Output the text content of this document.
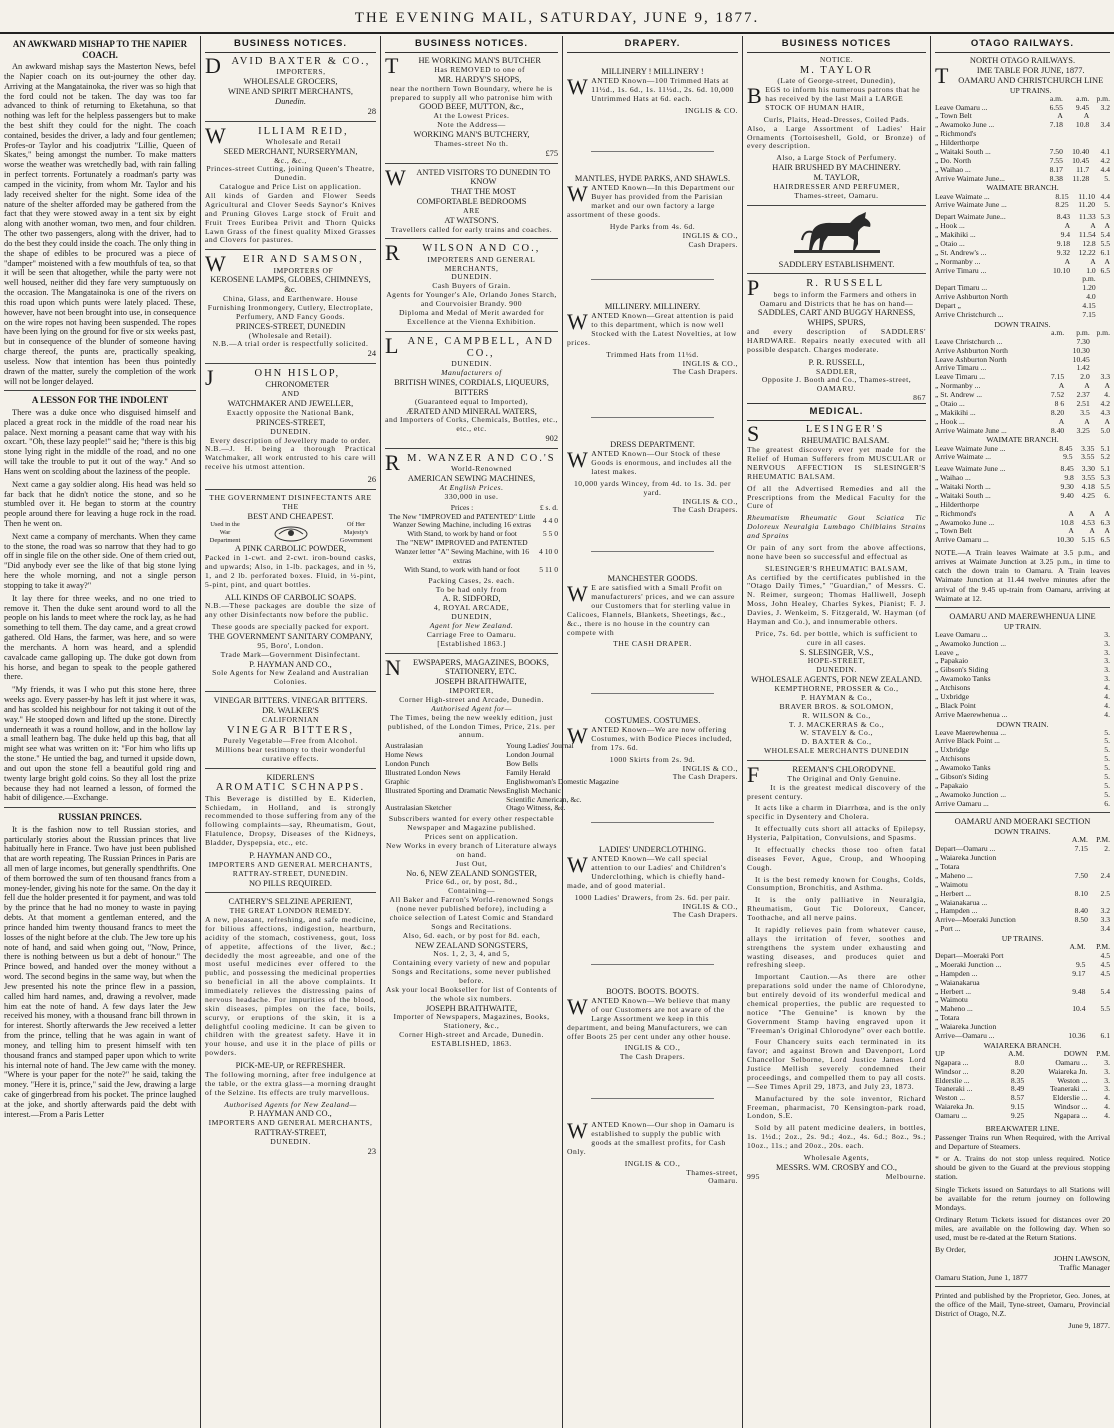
THE EVENING MAIL, SATURDAY, JUNE 9, 1877.
AN AWKWARD MISHAP TO THE NAPIER COACH.

An awkward mishap says the Masterton News, befel the Napier coach on its out-journey the other day. Arriving at the Mangatainoka, the river was so high that the ford could not be taken. The day was too far advanced to think of returning to Eketahuna, so that nothing was left for the helpless passengers but to make the best shift they could for the night. The coach contained, besides the driver, a lady and four gentlemen; Profes-or Taylor and his coadjutrix "Lillie, Queen of Skates," being amongst the number. To make matters worse the weather was wretchedly bad, with rain falling in perfect torrents. Fortunately a roadman's party was camped in the vicinity, from whom Mr. Taylor and his lady received shelter for the night. Some idea of the nature of the shelter afforded may be gathered from the fact that they were stowed away in a tent six by eight along with another woman, two men, and four children. The other two passengers, along with the driver, had to do the best they could inside the coach. The only thing in the shape of edibles to be procured was a piece of "damper" moistened with a few mouthfuls of tea, so that it will be seen that altogether, while the party were not well housed, neither did they fare very sumptuously on the occasion. The Mangatainoka is one of the rivers on this road upon which punts were lately placed. These, however, have not been brought into use, in consequence on the wire ropes not having been suspended. The ropes have been lying on the ground for five or six weeks past, but in consequence of the blunder of someone having charge thereof, the punts are, practically speaking, useless. Now that intention has been thus pointedly drawn of the matter, surely the completion of the work will not be longer delayed.

A LESSON FOR THE INDOLENT

There was a duke once who disguised himself and placed a great rock in the middle of the road near his palace. Next morning a peasant came that way with his oxcart. "Oh, these lazy people!" said he; "there is this big stone lying right in the middle of the road, and no one will take the trouble to put it out of the way." And so Hans went on scolding about the laziness of the people.

Next came a gay soldier along. His head was held so far back that he didn't notice the stone, and so he stumbled over it. He began to storm at the country people around there for leaving a huge rock in the road. Then he went on.

Next came a company of merchants. When they came to the stone, the road was so narrow that they had to go off in single file on the other side. One of them cried out, "Did anybody ever see the like of that big stone lying here the whole morning, and not a single person stopping to take it away?"

It lay there for three weeks, and no one tried to remove it. Then the duke sent around word to all the people on his lands to meet where the rock lay, as he had something to tell them. The day came, and a great crowd gathered. Old Hans, the farmer, was here, and so were the merchants. A horn was heard, and a splendid cavalcade came galloping up. The duke got down from his horse, and began to speak to the people gathered there.

"My friends, it was I who put this stone here, three weeks ago. Every passer-by has left it just where it was, and has scolded his neighbour for not taking it out of the way." He stooped down and lifted up the stone. Directly underneath it was a round hollow, and in the hollow lay a small leathern bag. The duke held up this bag, that all might see what was written on it: "For him who lifts up the stone." He untied the bag, and turned it upside down, and out upon the stone fell a beautiful gold ring and twenty large bright gold coins. So they all lost the prize because they had not learned a lesson, of formed the habit of diligence.—Exchange.

RUSSIAN PRINCES.

It is the fashion now to tell Russian stories, and particularly stories about the Russian princes that live habitually here in France. Two have just been published that are worth repeating. The Russian Princes in Paris are all men of large incomes, but generally spendthrifts. One of them borrowed the sum of ten thousand francs from a money-lender, giving his note for the same. On the day it fell due the holder presented it for payment, and was told by the prince that he had no money to waste in paying debts. At that moment a gentleman entered, and the prince handed him twenty thousand francs to meet the losses of the night before at the club. The Jew tore up his note of hand, and said when going out, "Now, Prince, there is nothing between us but a debt of honour." The Prince bowed, and handed over the money without a word. The second begins in the same way, but when the Jew presented his note the prince flew in a passion, called him hard names, and, drawing a revolver, made him eat the note of hand. A few days later the Jew received his money, with a thousand franc bill thrown in for interest. Shortly afterwards the Jew received a letter from the prince, telling that he was again in want of money, and telling him to present himself with ten thousand francs and stamped paper upon which to write his internal note of hand. The Jew came with the money. "Where is your paper for the note?" he said, taking the money. "Here it is, prince," said the Jew, drawing a large cake of gingerbread from his pocket. The prince laughed at the joke, and shortly afterwards paid the debt with interest.—From a Paris Letter

BUSINESS NOTICES.
DAVID BAXTER & CO.,
IMPORTERS,
WHOLESALE GROCERS,
WINE AND SPIRIT MERCHANTS,
Dunedin.
28
W	ILLIAM REID,
Wholesale and Retail
SEED MERCHANT, NURSERYMAN,
&c., &c.,
Princes-street Cutting, joining Queen's Theatre, Dunedin.
Catalogue and Price List on application.

All kinds of Garden and Flower Seeds Agricultural and Clover Seeds Saynor's Knives and Pruning Gloves Large stock of Fruit and Fruit Trees Euribea Privit and Thorn Quicks Lawn Grass of the finest quality Mixed Grasses and Clovers for pastures.

W EIR AND SAMSON,
IMPORTERS OF
KEROSENE LAMPS, GLOBES, CHIMNEYS, &c.
China, Glass, and Earthenware. House Furnishing Ironmongery, Cutlery, Electroplate, Perfumery, AND Fancy Goods.
PRINCES-STREET, DUNEDIN
(Wholesale and Retail).
N.B.—A trial order is respectfully solicited.
24
J	OHN HISLOP,
CHRONOMETER
AND
WATCHMAKER AND JEWELLER,
Exactly opposite the National Bank,
PRINCES-STREET,
DUNEDIN.
Every description of Jewellery made to order.

N.B.—J. H. being a thorough Practical Watchmaker, all work entrusted to his care will receive his utmost attention.

26
THE GOVERNMENT DISINFECTANTS ARE THE
BEST AND CHEAPEST.
Used in the War Department
Of Her Majesty's Government
A PINK CARBOLIC POWDER,

Packed in 1-cwt. and 2-cwt. iron-bound casks, and upwards; Also, in 1-lb. packages, and in ½, 1, and 2 lb. perforated boxes. Fluid, in ½-pint, 5-pint, pint, and quart bottles.

ALL KINDS OF CARBOLIC SOAPS.

N.B.—These packages are double the size of any other Disinfectants now before the public.

These goods are specially packed for export.
THE GOVERNMENT SANITARY COMPANY,
95, Boro', London.
Trade Mark—Government Disinfectant.
P. HAYMAN AND CO.,
Sole Agents for New Zealand and Australian Colonies.
VINEGAR BITTERS. VINEGAR BITTERS.
DR. WALKER'S
CALIFORNIAN
VINEGAR BITTERS,
Purely Vegetable—Free from Alcohol.
Millions bear testimony to their wonderful curative effects.
KIDERLEN'S
AROMATIC SCHNAPPS.

This Beverage is distilled by E. Kiderlen, Schiedam, in Holland, and is strongly recommended to those suffering from any of the following complaints—say, Rheumatism, Gout, Flatulence, Dropsy, Diseases of the Kidneys, Bladder, Dyspepsia, etc., etc.

P. HAYMAN AND CO.,
IMPORTERS AND GENERAL MERCHANTS,
RATTRAY-STREET, DUNEDIN.
NO PILLS REQUIRED.
CATHERY'S SELZINE APERIENT,
THE GREAT LONDON REMEDY.

A new, pleasant, refreshing, and safe medicine, for bilious affections, indigestion, heartburn, acidity of the stomach, costiveness, gout, loss of appetite, affections of the liver, &c.; decidedly the most agreeable, and one of the most useful medicines ever offered to the public, and possessing the medicinal properties so beneficial in all the above complaints. It immediately relieves the distressing pains of nervous headache. For impurities of the blood, skin diseases, pimples on the face, boils, scurvy, or eruptions of the skin, it is a delightful cooling medicine. It can be given to children with the greatest safety. Have it in your house, and use it in the place of pills or powders.

PICK-ME-UP, or REFRESHER.

The following morning, after free indulgence at the table, or the extra glass—a morning draught of the Selzine. Its effects are truly marvellous.

Authorised Agents for New Zealand—
P. HAYMAN AND CO.,
IMPORTERS AND GENERAL MERCHANTS,
RATTRAY-STREET,
DUNEDIN.
23
BUSINESS NOTICES.
T HE WORKING MAN'S BUTCHER
Has REMOVED to one of
MR. HARDY'S SHOPS,
near the northern Town Boundary, where he is prepared to supply all who patronise him with
GOOD BEEF, MUTTON, &c.,
At the Lowest Prices.
Note the Address—
WORKING MAN'S BUTCHERY,
Thames-street No th.
£75
W ANTED VISITORS TO DUNEDIN TO KNOW
THAT THE MOST
COMFORTABLE BEDROOMS
ARE
AT WATSON'S.
Travellers called for early trains and coaches.
R WILSON AND CO.,
IMPORTERS AND GENERAL MERCHANTS,
DUNEDIN.
Cash Buyers of Grain.
Agents for Younger's Ale, Orlando Jones Starch, and Courvoisier Brandy. 900
Diploma and Medal of Merit awarded for Excellence at the Vienna Exhibition.
LANE, CAMPBELL, AND CO.,
DUNEDIN.
Manufacturers of
BRITISH WINES, CORDIALS, LIQUEURS, BITTERS
(Guaranteed equal to Imported),
ÆRATED AND MINERAL WATERS,
and Importers of Corks, Chemicals, Bottles, etc., etc., etc.
902
R M. WANZER AND CO.'S
World-Renowned
AMERICAN SEWING MACHINES,
At English Prices.
330,000 in use.
Prices :	£ s. d.
The New "IMPROVED and PATENTED" Little Wanzer Sewing Machine, including 16 extras	4 4 0
With Stand, to work by hand or foot	5 5 0
The "NEW" IMPROVED and PATENTED Wanzer letter "A" Sewing Machine, with 16 extras	4 10 0
With Stand, to work with hand or foot	5 11 0
Packing Cases, 2s. each.
To be had only from
A. R. SIDFORD,
4, ROYAL ARCADE,
DUNEDIN,
Agent for New Zealand.
Carriage Free to Oamaru.
[Established 1863.]
N EWSPAPERS, MAGAZINES, BOOKS, STATIONERY, ETC.
JOSEPH BRAITHWAITE,
IMPORTER,
Corner High-street and Arcade, Dunedin.
Authorised Agent for—
The Times, being the new weekly edition, just published, of the London Times, Price, 21s. per annum.
Australasian	Young Ladies' Journal
Home News	London Journal
London Punch	Bow Bells
Illustrated London News	Family Herald
Graphic	Englishwoman's Domestic Magazine
Illustrated Sporting and Dramatic News	English Mechanic
	Scientific American, &c.
Australasian Sketcher	Otago Witness, &c.
Subscribers wanted for every other respectable Newspaper and Magazine published.
Prices sent on application.
New Works in every branch of Literature always on hand.
Just Out,
No. 6, NEW ZEALAND SONGSTER,
Price 6d., or, by post, 8d.,
Containing—
All Baker and Farron's World-renowned Songs (none never published before), including a choice selection of Latest Comic and Standard Songs and Recitations.
Also, 6d. each, or by post for 8d. each,
NEW ZEALAND SONGSTERS,
Nos. 1, 2, 3, 4, and 5,
Containing every variety of new and popular Songs and Recitations, some never published before.
Ask your local Bookseller for list of Contents of the whole six numbers.
JOSEPH BRAITHWAITE,
Importer of Newspapers, Magazines, Books, Stationery, &c.,
Corner High-street and Arcade, Dunedin.
ESTABLISHED, 1863.
DRAPERY.
MILLINERY ! MILLINERY !

WANTED Known—100 Trimmed Hats at 11½d., 1s. 6d., 1s. 11½d., 2s. 6d. 10,000 Untrimmed Hats at 6d. each.

INGLIS & CO.
MANTLES, HYDE PARKS, AND SHAWLS.

WANTED Known—In this Department our Buyer has provided from the Parisian market and our own factory a large assortment of these goods.

Hyde Parks from 4s. 6d.
INGLIS & CO.,
Cash Drapers.
MILLINERY. MILLINERY.

WANTED Known—Great attention is paid to this department, which is now well Stocked with the Latest Novelties, at low prices.

Trimmed Hats from 11½d.
INGLIS & CO.,
The Cash Drapers.
DRESS DEPARTMENT.

WANTED Known—Our Stock of these Goods is enormous, and includes all the latest makes.

10,000 yards Wincey, from 4d. to 1s. 3d. per yard.
INGLIS & CO.,
The Cash Drapers.
MANCHESTER GOODS.

W E are satisfied with a Small Profit on manufacturers' prices, and we can assure our Customers that for sterling value in Calicoes, Flannels, Blankets, Sheetings, &c., &c., there is no house in the country can compete with

THE CASH DRAPER.
COSTUMES. COSTUMES.

WANTED Known—We are now offering Costumes, with Bodice Pieces included, from 17s. 6d.

1000 Skirts from 2s. 9d.
INGLIS & CO.,
The Cash Drapers.
LADIES' UNDERCLOTHING.

WANTED Known—We call special attention to our Ladies' and Children's Underclothing, which is chiefly hand-made, and of good material.

1000 Ladies' Drawers, from 2s. 6d. per pair.
INGLIS & CO.,
The Cash Drapers.
BOOTS. BOOTS. BOOTS.

WANTED Known—We believe that many of our Customers are not aware of the Large Assortment we keep in this department, and being Manufacturers, we can offer Boots 25 per cent under any other house.

INGLIS & CO.,
The Cash Drapers.

WANTED Known—Our shop in Oamaru is established to supply the public with goods at the smallest profits, for Cash Only.

INGLIS & CO.,
Thames-street,
Oamaru.
BUSINESS NOTICES
NOTICE.
M. TAYLOR
(Late of George-street, Dunedin),

BEGS to inform his numerous patrons that he has received by the last Mail a LARGE STOCK OF HUMAN HAIR,

Curls, Plaits, Head-Dresses, Coiled Pads.

Also, a Large Assortment of Ladies' Hair Ornaments (Tortoiseshell, Gold, or Bronze) of every description.

Also, a Large Stock of Perfumery.
HAIR BRUSHED BY MACHINERY.
M. TAYLOR,
HAIRDRESSER AND PERFUMER,
Thames-street, Oamaru.
SADDLERY ESTABLISHMENT.
P	R. RUSSELL
begs to inform the Farmers and others in Oamaru and Districts that he has on hand—
SADDLES, CART AND BUGGY HARNESS, WHIPS, SPURS,

and every description of SADDLERS' HARDWARE. Repairs neatly executed with all possible despatch. Charges moderate.

P. R. RUSSELL,
SADDLER,
Opposite J. Booth and Co., Thames-street, OAMARU.
867
MEDICAL.
S	LESINGER'S
RHEUMATIC BALSAM.

The greatest discovery ever yet made for the Relief of Human Sufferers from MUSCULAR or NERVOUS AFFECTION IS SLESINGER'S RHEUMATIC BALSAM.

Of all the Advertised Remedies and all the Prescriptions from the Medical Faculty for the Cure of

Rheumatism Rheumatic Gout Sciatica Tic Doloreux Neuralgia Lumbago Chilblains Strains and Sprains

Or pain of any sort from the above affections, none have been so successful and effectual as

SLESINGER'S RHEUMATIC BALSAM,

As certified by the certificates published in the "Otago Daily Times," "Guardian," of Messrs. C. N. Reimer, surgeon; Thomas Halliwell, Joseph Moss, John Healey, Charles Sykes, Pianist; F. J. Davies, J. Wenkeim, S. Fitzgerald, W. Hayman (of Hayman and Co.), and innumerable others.

Price, 7s. 6d. per bottle, which is sufficient to cure in all cases.
S. SLESINGER, V.S.,
HOPE-STREET,
DUNEDIN.
WHOLESALE AGENTS, FOR NEW ZEALAND.
KEMPTHORNE, PROSSER & Co.,
P. HAYMAN & Co.,
BRAVER BROS. & SOLOMON,
R. WILSON & Co.,
T. J. MACKERRAS & Co.,
W. STAVELY & Co.,
D. BAXTER & Co.,
WHOLESALE MERCHANTS DUNEDIN
F	REEMAN'S CHLORODYNE.
The Original and Only Genuine.

It is the greatest medical discovery of the present century.

It acts like a charm in Diarrhœa, and is the only specific in Dysentery and Cholera.

It effectually cuts short all attacks of Epilepsy, Hysteria, Palpitation, Convulsions, and Spasms.

It effectually checks those too often fatal diseases Fever, Ague, Croup, and Whooping Cough.

It is the best remedy known for Coughs, Colds, Consumption, Bronchitis, and Asthma.

It is the only palliative in Neuralgia, Rheumatism, Gout Tic Doloreux, Cancer, Toothache, and all nerve pains.

It rapidly relieves pain from whatever cause, allays the irritation of fever, soothes and strengthens the system under exhausting and wasting diseases, and produces quiet and refreshing sleep.

Important Caution.—As there are other preparations sold under the name of Chlorodyne, but entirely devoid of its wonderful medical and chemical properties, the public are requested to notice "The Genuine" is known by the Government Stamp having engraved upon it "Freeman's Original Chlorodyne" over each bottle.

Four Chancery suits each terminated in its favor; and against Brown and Davenport, Lord Chancellor Selborne, Lord Justice James Lord Justice Mellish severely condemned their proceedings, and compelled them to pay all costs.—See Times April 29, 1873, and July 23, 1873.

Manufactured by the sole inventor, Richard Freeman, pharmacist, 70 Kensington-park road, London, S.E.

Sold by all patent medicine dealers, in bottles, 1s. 1½d.; 2oz., 2s. 9d.; 4oz., 4s. 6d.; 8oz., 9s.; 10oz., 11s.; and 20oz., 20s. each.

Wholesale Agents,
MESSRS. WM. CROSBY and CO.,
995	Melbourne.
OTAGO RAILWAYS.
NORTH OTAGO RAILWAYS.
T	IME TABLE FOR JUNE, 1877.
OAMARU AND CHRISTCHURCH LINE
UP TRAINS.
	a.m.	a.m.	p.m.
Leave Oamaru ...	6.55	9.45	3.2
„ Town Belt	A	A	
„ Awamoko June ...	7.18	10.8	3.4
„ Richmond's			
„ Hilderthorpe			
„ Waitaki South ...	7.50	10.40	4.1
„ Do. North	7.55	10.45	4.2
„ Waihao ...	8.17	11.7	4.4
Arrive Waimate June...	8.38	11.28	5.
WAIMATE BRANCH.
Leave Waimate ...	8.15	11.10	4.4
Arrive Waimate June ...	8.25	11.20	5.
Depart Waimate June...	8.43	11.33	5.3
„ Hook ...	A	A	A
„ Makihiki ...	9.4	11.54	5.4
„ Otaio ...	9.18	12.8	5.5
„ St. Andrew's ...	9.32	12.22	6.1
„ Normanby ...	A	A	A
Arrive Timaru ...	10.10	1.0	6.5
		p.m.	
Depart Timaru ...		1.20	
Arrive Ashburton North		4.0	
Depart „		4.15	
Arrive Christchurch ...		7.15	
DOWN TRAINS.
	a.m.	p.m.	p.m.
Leave Christchurch ...		7.30	
Arrive Ashburton North		10.30	
Leave Ashburton North		10.45	
Arrive Timaru ...		1.42	
Leave Timaru ...	7.15	2.0	3.3
„ Normanby ...	A	A	A
„ St. Andrew ...	7.52	2.37	4.
„ Otaio ...	8 6	2.51	4.2
„ Makikihi ...	8.20	3.5	4.3
„ Hook ...	A	A	A
Arrive Waimate June ...	8.40	3.25	5.0
WAIMATE BRANCH.
Leave Waimate June ...	8.45	3.35	5.1
Arrive Waimate ...	9.5	3.55	5.2
Leave Waimate June ...	8.45	3.30	5.1
„ Waihao ...	9.8	3.55	5.3
„ Waitaki North ...	9.30	4.18	5.5
„ Waitaki South ...	9.40	4.25	6.
„ Hilderthorpe			
„ Richmond's	A	A	A
„ Awamoko June ...	10.8	4.53	6.3
„ Town Belt	A	A	A
Arrive Oamaru ...	10.30	5.15	6.5

NOTE.—A Train leaves Waimate at 3.5 p.m., and arrives at Waimate Junction at 3.25 p.m., in time to catch the down train to Oamaru. A Train leaves Waimate Junction at 11.44 twelve minutes after the arrival of the 9.45 up-train from Oamaru, arriving at Waimate at 12.

OAMARU AND MAEREWHENUA LINE
UP TRAIN.
Leave Oamaru ...	3.
„ Awamoko Junction ...	3.
Leave „	3.
„ Papakaio	3.
„ Gibson's Siding	3.
„ Awamoko Tanks	3.
„ Atchisons	4.
„ Uxbridge	4.
„ Black Point	4.
Arrive Maerewhenua ...	4.
DOWN TRAIN.
Leave Maerewhenua ...	5.
Arrive Black Point ...	5.
„ Uxbridge	5.
„ Atchisons	5.
„ Awamoko Tanks	5.
„ Gibson's Siding	5.
„ Papakaio	5.
„ Awamoko Junction ...	5.
Arrive Oamaru ...	6.
OAMARU AND MOERAKI SECTION
DOWN TRAINS.
	A.M.	P.M.
Depart—Oamaru ...	7.15	2.
„ Waiareka Junction		
„ Totara		
„ Maheno ...	7.50	2.4
„ Waimotu		
„ Herbert ...	8.10	2.5
„ Waianakarua ...		
„ Hampden ...	8.40	3.2
Arrive—Moeraki Junction	8.50	3.3
„ Port ...		3.4
UP TRAINS.
	A.M.	P.M.
Depart—Moeraki Port		4.5
„ Moeraki Junction ...	9.5	4.5
„ Hampden ...	9.17	4.5
„ Waianakarua		
„ Herbert ...	9.48	5.4
„ Waimotu		
„ Maheno ...	10.4	5.5
„ Totara		
„ Waiareka Junction		
Arrive—Oamaru ...	10.36	6.1
WAIAREKA BRANCH.
UP	A.M.	DOWN	P.M.
Ngapara ...	8.0	Oamaru ...	3.
Windsor ...	8.20	Waiareka Jn.	3.
Elderslie ...	8.35	Weston ...	3.
Teaneraki ...	8.49	Teaneraki ...	3.
Weston ...	8.57	Elderslie ...	4.
Waiareka Jn.	9.15	Windsor ...	4.
Oamaru ...	9.25	Ngapara ...	4.
BREAKWATER LINE.

Passenger Trains run When Required, with the Arrival and Departure of Steamers.

* or A. Trains do not stop unless required. Notice should be given to the Guard at the previous stopping station.

Single Tickets issued on Saturdays to all Stations will be available for the return journey on following Mondays.

Ordinary Return Tickets issued for distances over 20 miles, are available on the following day. When so used, must be re-dated at the Return Stations.

By Order,
JOHN LAWSON,
Traffic Manager
Oamaru Station, June 1, 1877

Printed and published by the Proprietor, Geo. Jones, at the office of the Mail, Tyne-street, Oamaru, Provincial District of Otago, N.Z.

June 9, 1877.
